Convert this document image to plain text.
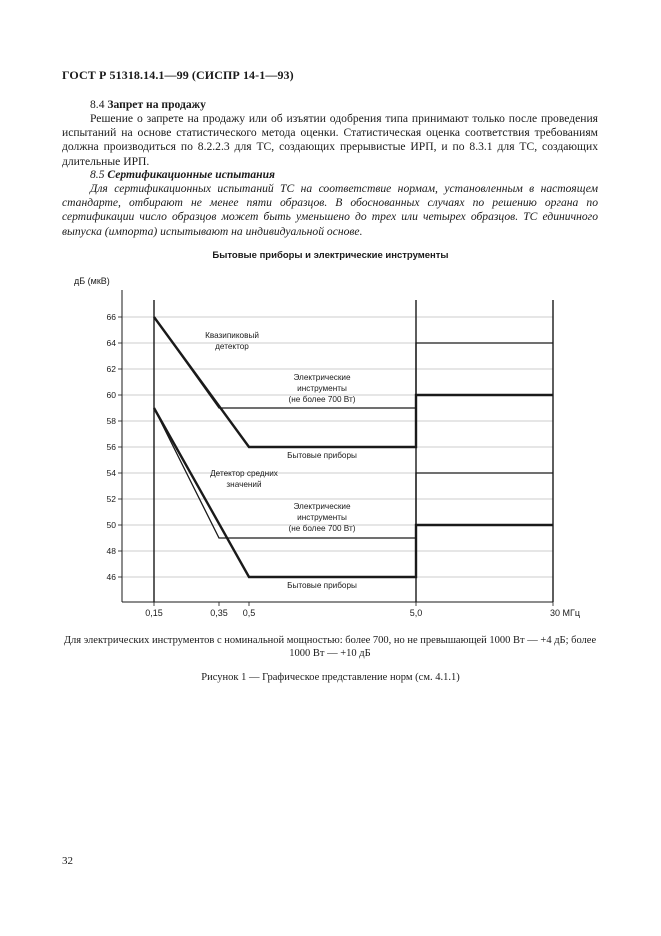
ГОСТ Р 51318.14.1—99 (СИСПР 14-1—93)
8.4 Запрет на продажу
Решение о запрете на продажу или об изъятии одобрения типа принимают только после проведения испытаний на основе статистического метода оценки. Статистическая оценка соответствия требованиям должна производиться по 8.2.2.3 для ТС, создающих прерывистые ИРП, и по 8.3.1 для ТС, создающих длительные ИРП.
8.5 Сертификационные испытания
Для сертификационных испытаний ТС на соответствие нормам, установленным в настоящем стандарте, отбирают не менее пяти образцов. В обоснованных случаях по решению органа по сертификации число образцов может быть уменьшено до трех или четырех образцов. ТС единичного выпуска (импорта) испытывают на индивидуальной основе.
Бытовые приборы и электрические инструменты
46
48
50
52
54
56
58
60
62
64
66
дБ (мкВ)
0,15	0,35 0,5	5,0	30 МГц
Квазипиковый детектор
Детектор средних значений
Электрические инструменты (не более 700 Вт)
Бытовые приборы
Электрические инструменты (не более 700 Вт)
Бытовые приборы
Для электрических инструментов с номинальной мощностью: более 700, но не превышающей 1000 Вт — +4 дБ; более 1000 Вт — +10 дБ
Рисунок 1 — Графическое представление норм (см. 4.1.1)
32
